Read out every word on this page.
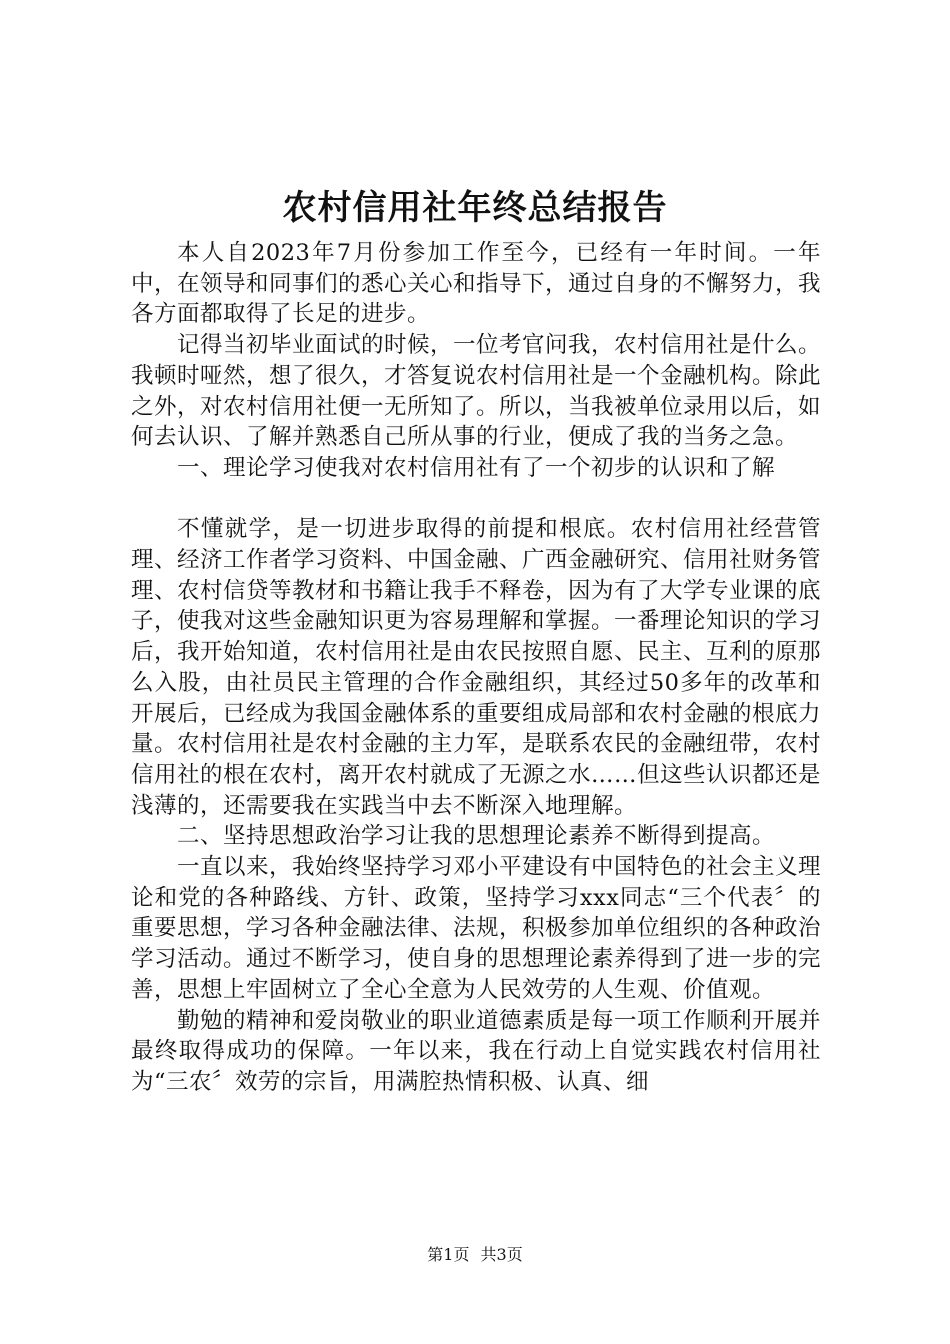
农村信用社年终总结报告

本人自2023年7月份参加工作至今，已经有一年时间。一年中，在领导和同事们的悉心关心和指导下，通过自身的不懈努力，我各方面都取得了长足的进步。

记得当初毕业面试的时候，一位考官问我，农村信用社是什么。我顿时哑然，想了很久，才答复说农村信用社是一个金融机构。除此之外，对农村信用社便一无所知了。所以，当我被单位录用以后，如何去认识、了解并熟悉自己所从事的行业，便成了我的当务之急。

一、理论学习使我对农村信用社有了一个初步的认识和了解

不懂就学，是一切进步取得的前提和根底。农村信用社经营管理、经济工作者学习资料、中国金融、广西金融研究、信用社财务管理、农村信贷等教材和书籍让我手不释卷，因为有了大学专业课的底子，使我对这些金融知识更为容易理解和掌握。一番理论知识的学习后，我开始知道，农村信用社是由农民按照自愿、民主、互利的原那么入股，由社员民主管理的合作金融组织，其经过50多年的改革和开展后，已经成为我国金融体系的重要组成局部和农村金融的根底力量。农村信用社是农村金融的主力军，是联系农民的金融纽带，农村信用社的根在农村，离开农村就成了无源之水……但这些认识都还是浅薄的，还需要我在实践当中去不断深入地理解。

二、坚持思想政治学习让我的思想理论素养不断得到提高。

一直以来，我始终坚持学习邓小平建设有中国特色的社会主义理论和党的各种路线、方针、政策，坚持学习xxx同志“三个代表〞的重要思想，学习各种金融法律、法规，积极参加单位组织的各种政治学习活动。通过不断学习，使自身的思想理论素养得到了进一步的完善，思想上牢固树立了全心全意为人民效劳的人生观、价值观。

勤勉的精神和爱岗敬业的职业道德素质是每一项工作顺利开展并最终取得成功的保障。一年以来，我在行动上自觉实践农村信用社为“三农〞效劳的宗旨，用满腔热情积极、认真、细

第1页 共3页
